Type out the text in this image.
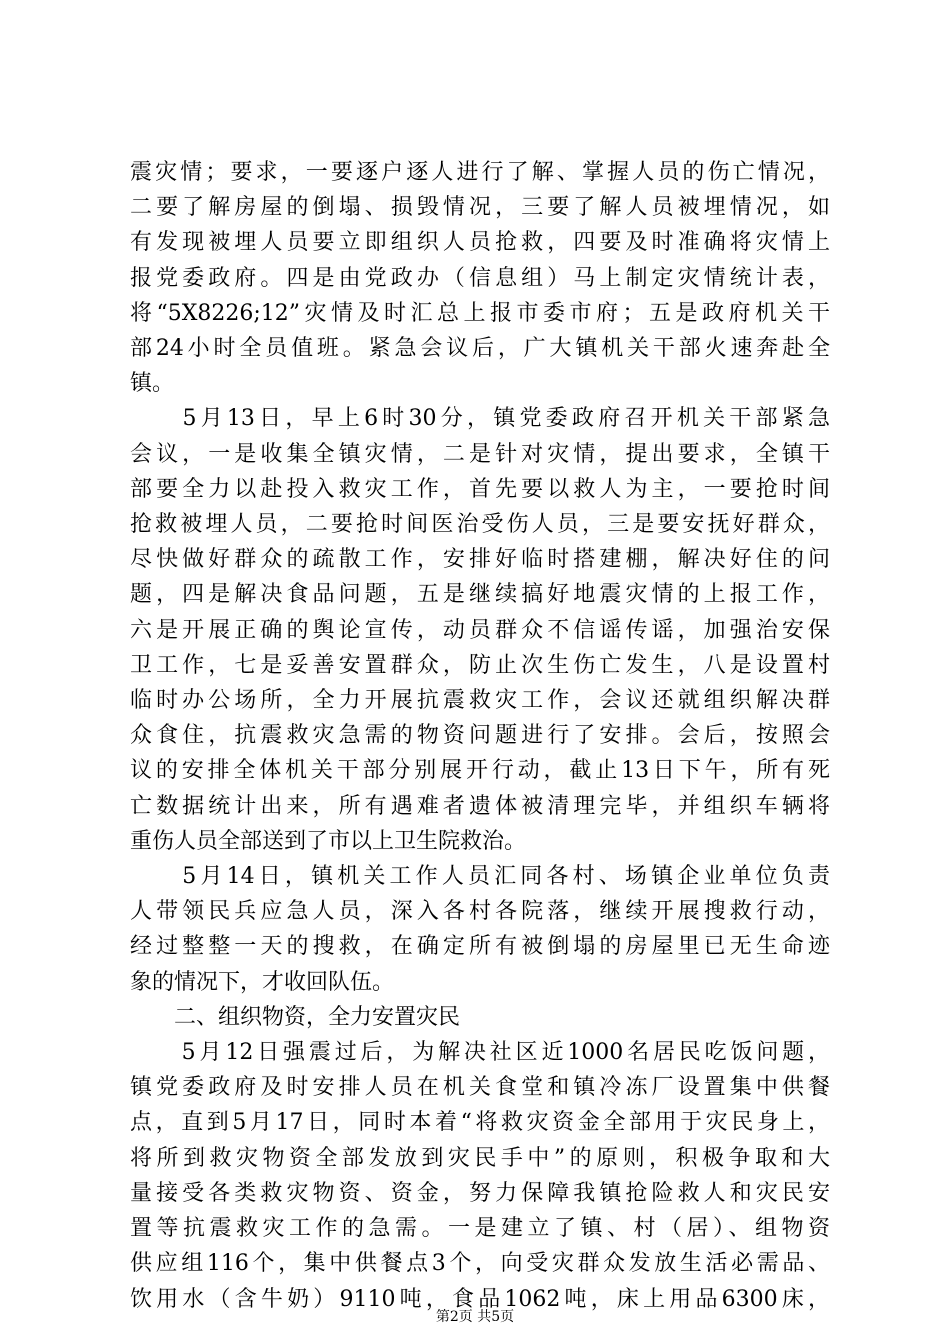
震灾情；要求，一要逐户逐人进行了解、掌握人员的伤亡情况，
二要了解房屋的倒塌、损毁情况，三要了解人员被埋情况，如
有发现被埋人员要立即组织人员抢救，四要及时准确将灾情上
报党委政府。四是由党政办（信息组）马上制定灾情统计表，
将“5X8226;12”灾情及时汇总上报市委市府；五是政府机关干
部24小时全员值班。紧急会议后，广大镇机关干部火速奔赴全
镇。
　　5月13日，早上6时30分，镇党委政府召开机关干部紧急
会议，一是收集全镇灾情，二是针对灾情，提出要求，全镇干
部要全力以赴投入救灾工作，首先要以救人为主，一要抢时间
抢救被埋人员，二要抢时间医治受伤人员，三是要安抚好群众，
尽快做好群众的疏散工作，安排好临时搭建棚，解决好住的问
题，四是解决食品问题，五是继续搞好地震灾情的上报工作，
六是开展正确的舆论宣传，动员群众不信谣传谣，加强治安保
卫工作，七是妥善安置群众，防止次生伤亡发生，八是设置村
临时办公场所，全力开展抗震救灾工作，会议还就组织解决群
众食住，抗震救灾急需的物资问题进行了安排。会后，按照会
议的安排全体机关干部分别展开行动，截止13日下午，所有死
亡数据统计出来，所有遇难者遗体被清理完毕，并组织车辆将
重伤人员全部送到了市以上卫生院救治。
　　5月14日，镇机关工作人员汇同各村、场镇企业单位负责
人带领民兵应急人员，深入各村各院落，继续开展搜救行动，
经过整整一天的搜救，在确定所有被倒塌的房屋里已无生命迹
象的情况下，才收回队伍。
　　二、组织物资，全力安置灾民
　　5月12日强震过后，为解决社区近1000名居民吃饭问题，
镇党委政府及时安排人员在机关食堂和镇冷冻厂设置集中供餐
点，直到5月17日，同时本着“将救灾资金全部用于灾民身上，
将所到救灾物资全部发放到灾民手中”的原则，积极争取和大
量接受各类救灾物资、资金，努力保障我镇抢险救人和灾民安
置等抗震救灾工作的急需。一是建立了镇、村（居）、组物资
供应组116个，集中供餐点3个，向受灾群众发放生活必需品、
饮用水（含牛奶）9110吨，食品1062吨，床上用品6300床，
第2页 共5页
